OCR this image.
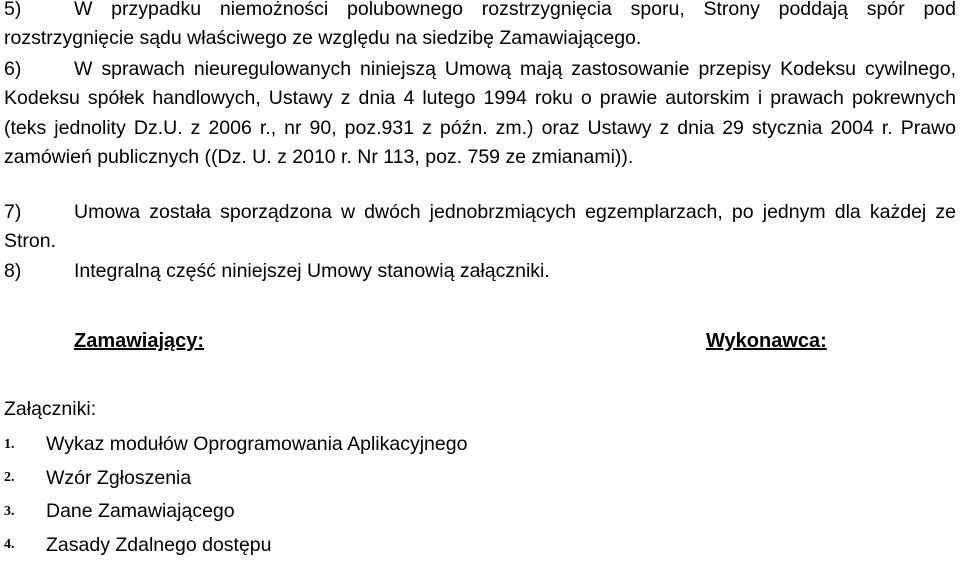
5)	W przypadku niemożności polubownego rozstrzygnięcia sporu, Strony poddają spór pod rozstrzygnięcie sądu właściwego ze względu na siedzibę Zamawiającego.

6)	W sprawach nieuregulowanych niniejszą Umową mają zastosowanie przepisy Kodeksu cywilnego, Kodeksu spółek handlowych, Ustawy z dnia 4 lutego 1994 roku o prawie autorskim i prawach pokrewnych (teks jednolity Dz.U. z 2006 r., nr 90, poz.931 z późn. zm.) oraz Ustawy z dnia 29 stycznia 2004 r. Prawo zamówień publicznych ((Dz. U. z 2010 r. Nr 113, poz. 759 ze zmianami)).

7)	Umowa została sporządzona w dwóch jednobrzmiących egzemplarzach, po jednym dla każdej ze Stron.

8)	Integralną część niniejszej Umowy stanowią załączniki.

Zamawiający:	Wykonawca:
Załączniki:
1.	Wykaz modułów Oprogramowania Aplikacyjnego
2.	Wzór Zgłoszenia
3.	Dane Zamawiającego
4.	Zasady Zdalnego dostępu
